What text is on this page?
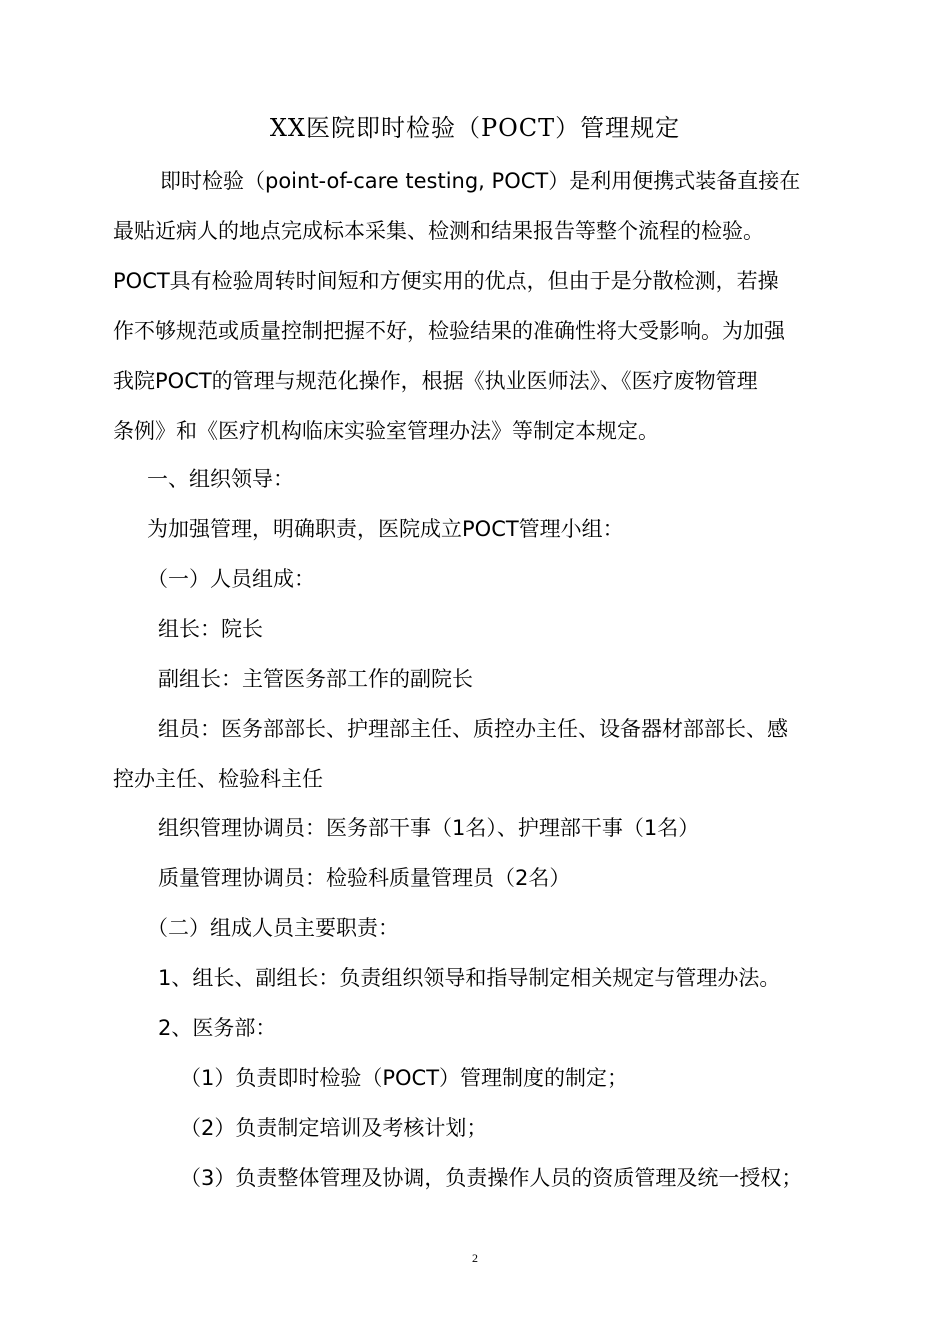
XX医院即时检验（POCT）管理规定
即时检验（point-of-care testing, POCT）是利用便携式装备直接在
最贴近病人的地点完成标本采集、检测和结果报告等整个流程的检验。
POCT具有检验周转时间短和方便实用的优点，但由于是分散检测，若操
作不够规范或质量控制把握不好，检验结果的准确性将大受影响。为加强
我院POCT的管理与规范化操作，根据《执业医师法》、《医疗废物管理
条例》和《医疗机构临床实验室管理办法》等制定本规定。
一、组织领导：
为加强管理，明确职责，医院成立POCT管理小组：
（一）人员组成：
组长：院长
副组长：主管医务部工作的副院长
组员：医务部部长、护理部主任、质控办主任、设备器材部部长、感
控办主任、检验科主任
组织管理协调员：医务部干事（1名）、护理部干事（1名）
质量管理协调员：检验科质量管理员（2名）
（二）组成人员主要职责：
1、组长、副组长：负责组织领导和指导制定相关规定与管理办法。
2、医务部：
（1）负责即时检验（POCT）管理制度的制定；
（2）负责制定培训及考核计划；
（3）负责整体管理及协调，负责操作人员的资质管理及统一授权；
2
